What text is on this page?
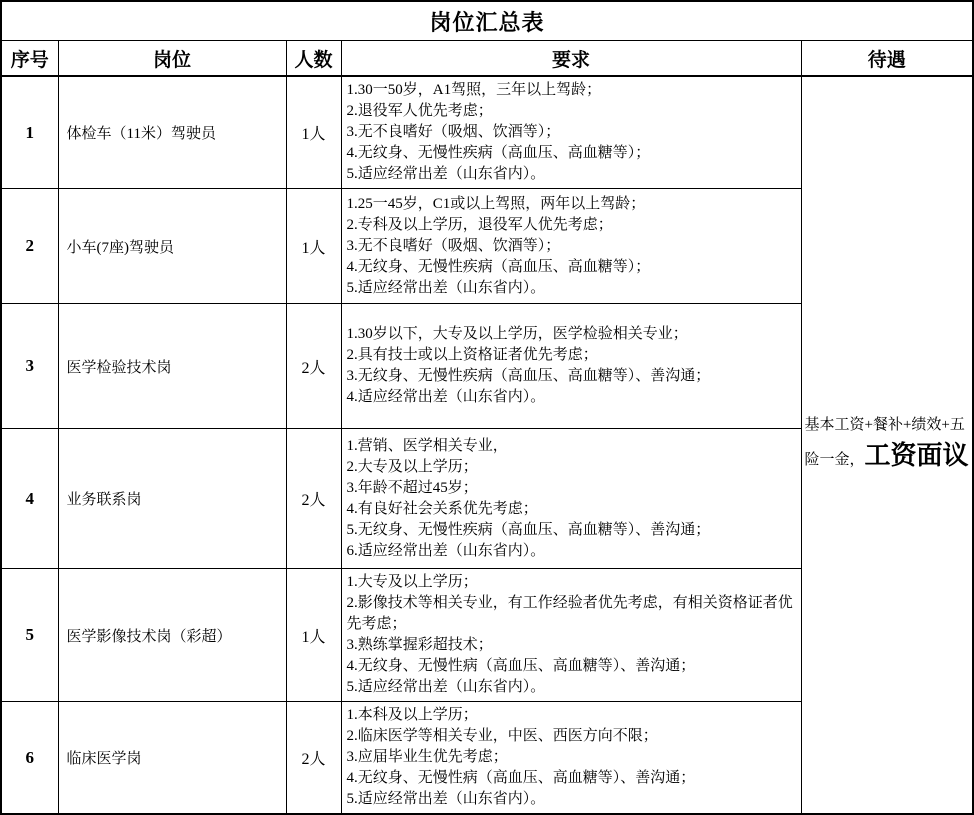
岗位汇总表				
序号	岗位	人数	要求	待遇
1	体检车（11米）驾驶员	1人	1.30一50岁，A1驾照，三年以上驾龄；
2.退役军人优先考虑；
3.无不良嗜好（吸烟、饮酒等）；
4.无纹身、无慢性疾病（高血压、高血糖等）；
5.适应经常出差（山东省内）。	基本工资+餐补+绩效+五险一金，工资面议
2	小车(7座)驾驶员	1人	1.25一45岁，C1或以上驾照，两年以上驾龄；
2.专科及以上学历，退役军人优先考虑；
3.无不良嗜好（吸烟、饮酒等）；
4.无纹身、无慢性疾病（高血压、高血糖等）；
5.适应经常出差（山东省内）。	

3	医学检验技术岗	2人	1.30岁以下，大专及以上学历，医学检验相关专业；
2.具有技士或以上资格证者优先考虑；
3.无纹身、无慢性疾病（高血压、高血糖等）、善沟通；
4.适应经常出差（山东省内）。	

4	业务联系岗	2人	
1.营销、医学相关专业，
2.大专及以上学历；
3.年龄不超过45岁；
4.有良好社会关系优先考虑；
5.无纹身、无慢性疾病（高血压、高血糖等）、善沟通；
6.适应经常出差（山东省内）。

5	医学影像技术岗（彩超）	1人	1.大专及以上学历；
2.影像技术等相关专业，有工作经验者优先考虑，有相关资格证者优先考虑；
3.熟练掌握彩超技术；
4.无纹身、无慢性病（高血压、高血糖等）、善沟通；
5.适应经常出差（山东省内）。	

6	临床医学岗	2人	1.本科及以上学历；
2.临床医学等相关专业，中医、西医方向不限；
3.应届毕业生优先考虑；
4.无纹身、无慢性病（高血压、高血糖等）、善沟通；
5.适应经常出差（山东省内）。	
